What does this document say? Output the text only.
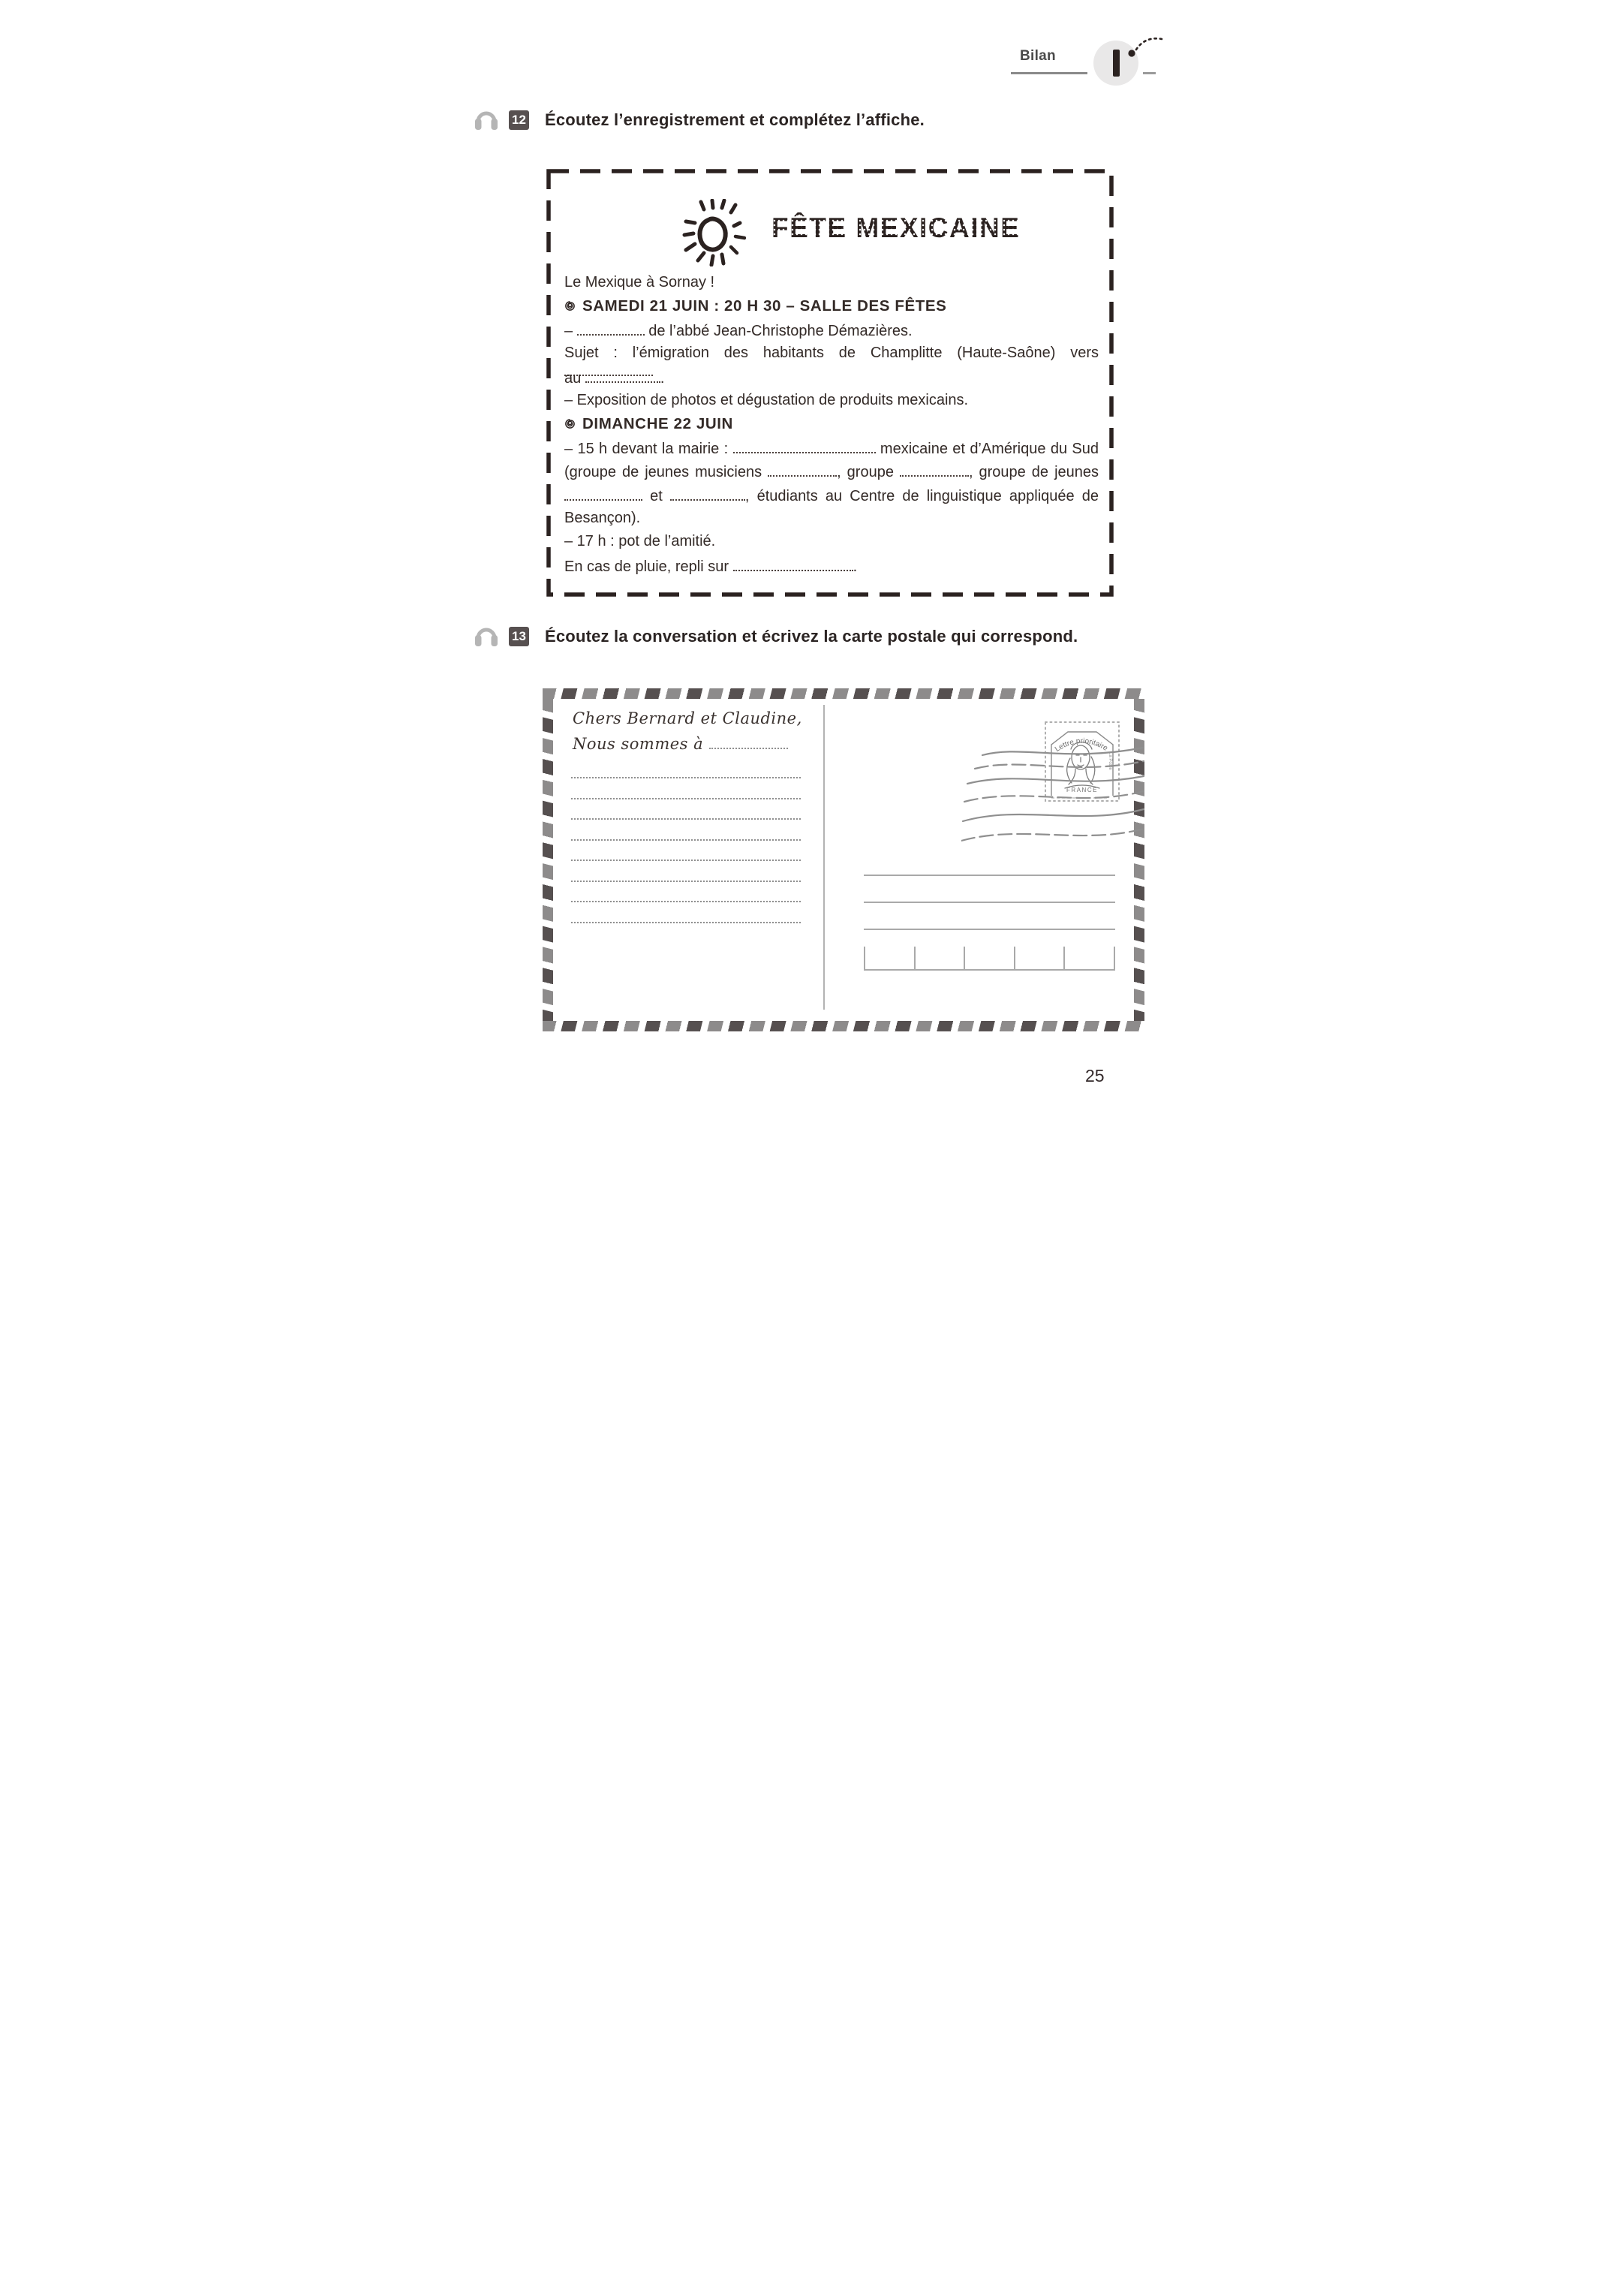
Bilan
12 Écoutez l’enregistrement et complétez l’affiche.
FÊTE MEXICAINE
Le Mexique à Sornay !
SAMEDI 21 JUIN : 20 H 30 – SALLE DES FÊTES
–	de l’abbé Jean-Christophe Démazières.
Sujet : l’émigration des habitants de Champlitte (Haute-Saône) vers
au	.
– Exposition de photos et dégustation de produits mexicains.
DIMANCHE 22 JUIN
– 15 h devant la mairie :	mexicaine et d’Amérique du Sud
(groupe de jeunes musiciens	, groupe	, groupe de jeunes
et	, étudiants au Centre de linguistique appliquée de
Besançon).
– 17 h : pot de l’amitié.
En cas de pluie, repli sur	.
13 Écoutez la conversation et écrivez la carte postale qui correspond.
Chers Bernard et Claudine,
Nous sommes à	Lettre prioritaire
FRANCE
La Poste
25
